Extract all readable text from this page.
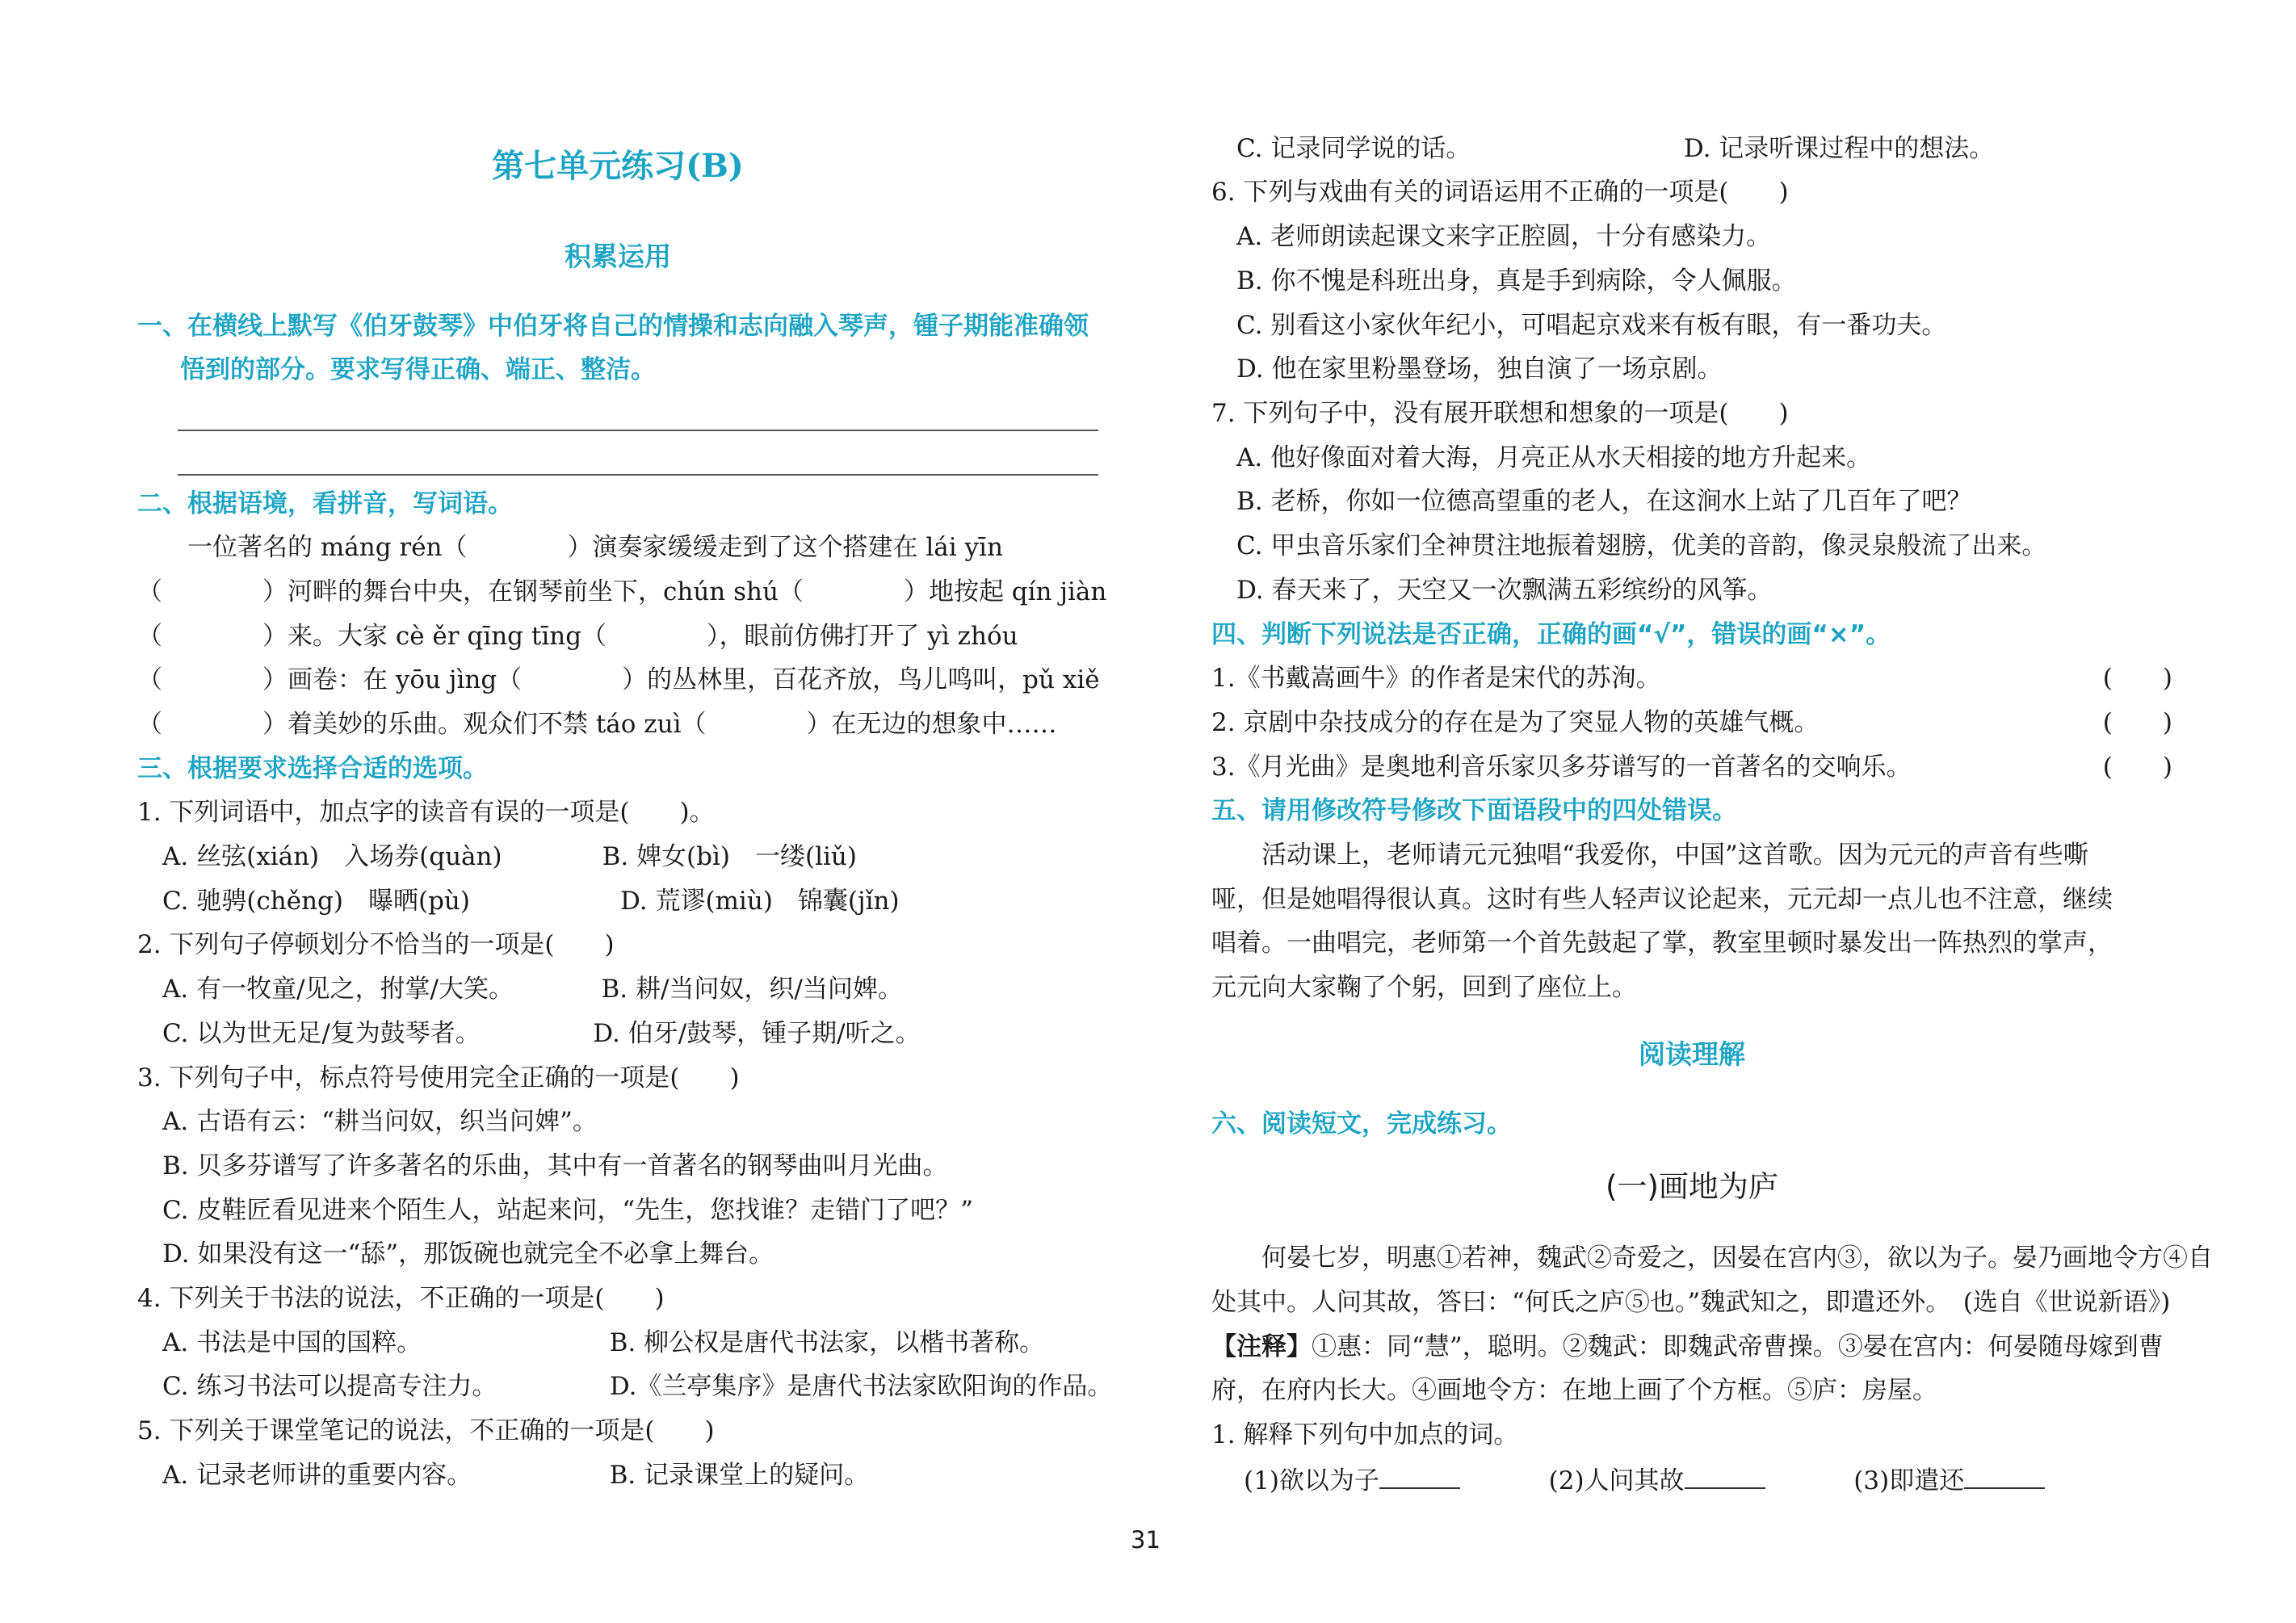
第七单元练习(B)
积累运用
一、在横线上默写《伯牙鼓琴》中伯牙将自己的情操和志向融入琴声，锺子期能准确领
悟到的部分。要求写得正确、端正、整洁。
二、根据语境，看拼音，写词语。
　　一位著名的 máng rén（　　　　）演奏家缓缓走到了这个搭建在 lái yīn
（　　　　）河畔的舞台中央，在钢琴前坐下，chún shú（　　　　）地按起 qín jiàn
（　　　　）来。大家 cè ěr qīng tīng（　　　　），眼前仿佛打开了 yì zhóu
（　　　　）画卷：在 yōu jìng（　　　　）的丛林里，百花齐放，鸟儿鸣叫，pǔ xiě
（　　　　）着美妙的乐曲。观众们不禁 táo zuì（　　　　）在无边的想象中……
三、根据要求选择合适的选项。
1. 下列词语中，加点字的读音有误的一项是(　　)。
　A. 丝弦(xián)　入场券(quàn)　　　　B. 婢女(bì)　一缕(liǔ)
　C. 驰骋(chěng)　曝晒(pù)　　　　　　D. 荒谬(miù)　锦囊(jǐn)
2. 下列句子停顿划分不恰当的一项是(　　)
　A. 有一牧童/见之，拊掌/大笑。　　　　B. 耕/当问奴，织/当问婢。
　C. 以为世无足/复为鼓琴者。　　　　　D. 伯牙/鼓琴，锺子期/听之。
3. 下列句子中，标点符号使用完全正确的一项是(　　)
　A. 古语有云：“耕当问奴，织当问婢”。
　B. 贝多芬谱写了许多著名的乐曲，其中有一首著名的钢琴曲叫月光曲。
　C. 皮鞋匠看见进来个陌生人，站起来问，“先生，您找谁？走错门了吧？”
　D. 如果没有这一“舔”，那饭碗也就完全不必拿上舞台。
4. 下列关于书法的说法，不正确的一项是(　　)
　A. 书法是中国的国粹。　　　　　　　　B. 柳公权是唐代书法家，以楷书著称。
　C. 练习书法可以提高专注力。　　　　　D.《兰亭集序》是唐代书法家欧阳询的作品。
5. 下列关于课堂笔记的说法，不正确的一项是(　　)
　A. 记录老师讲的重要内容。　　　　　　B. 记录课堂上的疑问。
　C. 记录同学说的话。　　　　　　　　　D. 记录听课过程中的想法。
6. 下列与戏曲有关的词语运用不正确的一项是(　　)
　A. 老师朗读起课文来字正腔圆，十分有感染力。
　B. 你不愧是科班出身，真是手到病除，令人佩服。
　C. 别看这小家伙年纪小，可唱起京戏来有板有眼，有一番功夫。
　D. 他在家里粉墨登场，独自演了一场京剧。
7. 下列句子中，没有展开联想和想象的一项是(　　)
　A. 他好像面对着大海，月亮正从水天相接的地方升起来。
　B. 老桥，你如一位德高望重的老人，在这涧水上站了几百年了吧？
　C. 甲虫音乐家们全神贯注地振着翅膀，优美的音韵，像灵泉般流了出来。
　D. 春天来了，天空又一次飘满五彩缤纷的风筝。
四、判断下列说法是否正确，正确的画“√”，错误的画“×”。
1.《书戴嵩画牛》的作者是宋代的苏洵。	(　　)
2. 京剧中杂技成分的存在是为了突显人物的英雄气概。	(　　)
3.《月光曲》是奥地利音乐家贝多芬谱写的一首著名的交响乐。	(　　)
五、请用修改符号修改下面语段中的四处错误。
　　活动课上，老师请元元独唱“我爱你，中国”这首歌。因为元元的声音有些嘶
哑，但是她唱得很认真。这时有些人轻声议论起来，元元却一点儿也不注意，继续
唱着。一曲唱完，老师第一个首先鼓起了掌，教室里顿时暴发出一阵热烈的掌声，
元元向大家鞠了个躬，回到了座位上。
阅读理解
六、阅读短文，完成练习。
(一)画地为庐
　　何晏七岁，明惠①若神，魏武②奇爱之，因晏在宫内③，欲以为子。晏乃画地令方④自
处其中。人问其故，答曰：“何氏之庐⑤也。”魏武知之，即遣还外。　(选自《世说新语》)
【注释】①惠：同“慧”，聪明。②魏武：即魏武帝曹操。③晏在宫内：何晏随母嫁到曹
府，在府内长大。④画地令方：在地上画了个方框。⑤庐：房屋。
1. 解释下列句中加点的词。
(1)欲以为子	(2)人问其故	(3)即遣还
31
